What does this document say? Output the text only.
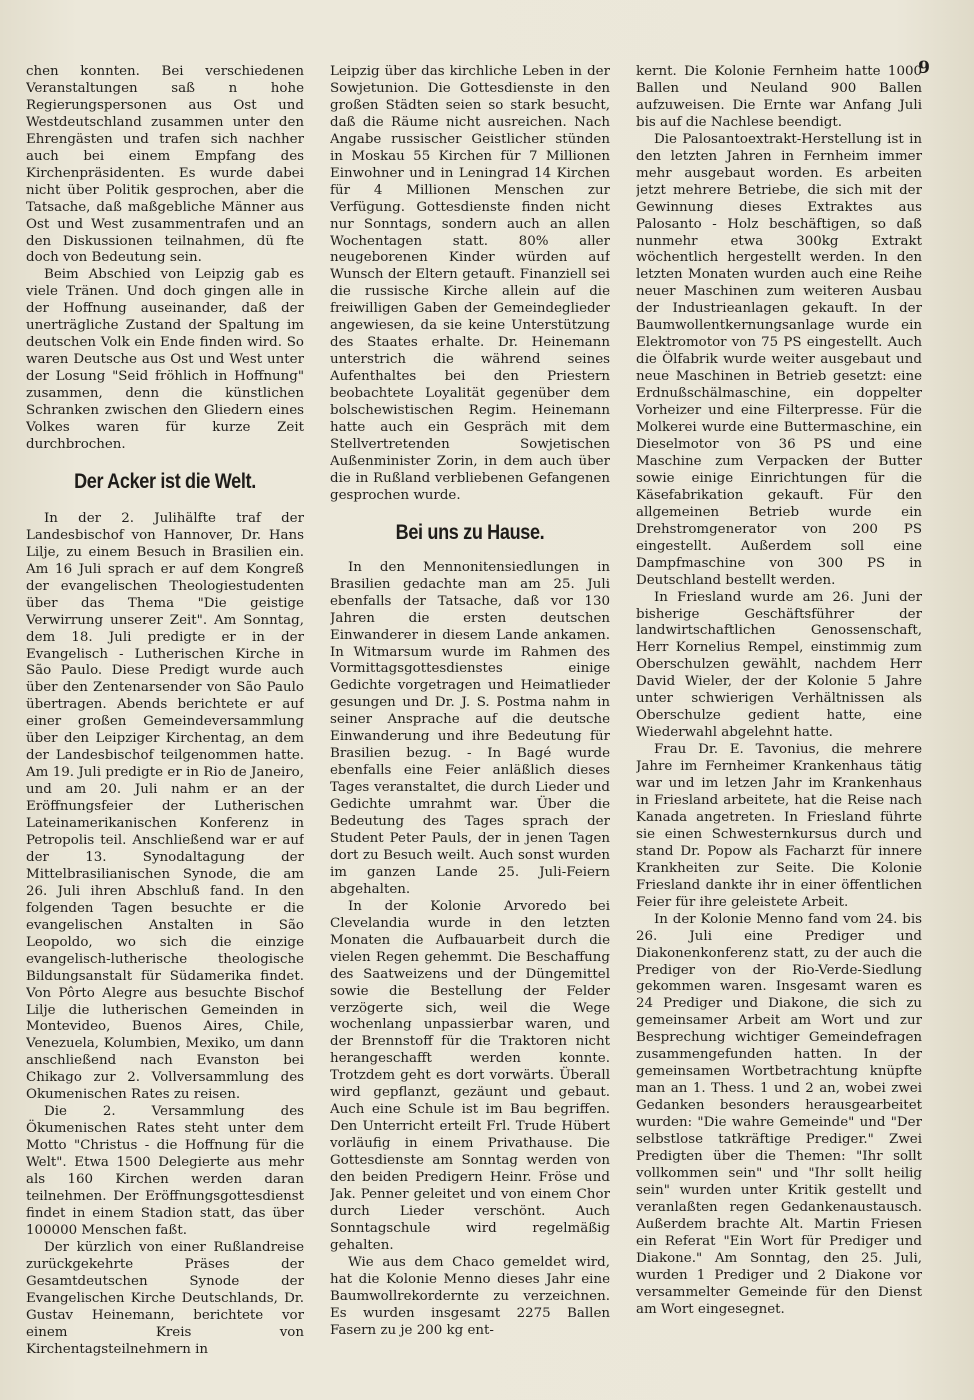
9

chen konnten. Bei verschiedenen Veranstaltungen saß n hohe Regierungspersonen aus Ost und Westdeutschland zusammen unter den Ehrengästen und trafen sich nachher auch bei einem Empfang des Kirchenpräsidenten. Es wurde dabei nicht über Politik gesprochen, aber die Tatsache, daß maßgebliche Männer aus Ost und West zusammentrafen und an den Diskussionen teilnahmen, dü fte doch von Bedeutung sein.

Beim Abschied von Leipzig gab es viele Tränen. Und doch gingen alle in der Hoffnung auseinander, daß der unerträgliche Zustand der Spaltung im deutschen Volk ein Ende finden wird. So waren Deutsche aus Ost und West unter der Losung "Seid fröhlich in Hoffnung" zusammen, denn die künstlichen Schranken zwischen den Gliedern eines Volkes waren für kurze Zeit durchbrochen.

Der Acker ist die Welt.

In der 2. Julihälfte traf der Landesbischof von Hannover, Dr. Hans Lilje, zu einem Besuch in Brasilien ein. Am 16 Juli sprach er auf dem Kongreß der evangelischen Theologiestudenten über das Thema "Die geistige Verwirrung unserer Zeit". Am Sonntag, dem 18. Juli predigte er in der Evangelisch - Lutherischen Kirche in São Paulo. Diese Predigt wurde auch über den Zentenarsender von São Paulo übertragen. Abends berichtete er auf einer großen Gemeindeversammlung über den Leipziger Kirchentag, an dem der Landesbischof teilgenommen hatte. Am 19. Juli predigte er in Rio de Janeiro, und am 20. Juli nahm er an der Eröffnungsfeier der Lutherischen Lateinamerikanischen Konferenz in Petropolis teil. Anschließend war er auf der 13. Synodaltagung der Mittelbrasilianischen Synode, die am 26. Juli ihren Abschluß fand. In den folgenden Tagen besuchte er die evangelischen Anstalten in São Leopoldo, wo sich die einzige evangelisch-lutherische theologische Bildungsanstalt für Südamerika findet. Von Pôrto Alegre aus besuchte Bischof Lilje die lutherischen Gemeinden in Montevideo, Buenos Aires, Chile, Venezuela, Kolumbien, Mexiko, um dann anschließend nach Evanston bei Chikago zur 2. Vollversammlung des Okumenischen Rates zu reisen.

Die 2. Versammlung des Ökumenischen Rates steht unter dem Motto "Christus - die Hoffnung für die Welt". Etwa 1500 Delegierte aus mehr als 160 Kirchen werden daran teilnehmen. Der Eröffnungsgottesdienst findet in einem Stadion statt, das über 100000 Menschen faßt.

Der kürzlich von einer Rußlandreise zurückgekehrte Präses der Gesamtdeutschen Synode der Evangelischen Kirche Deutschlands, Dr. Gustav Heinemann, berichtete vor einem Kreis von Kirchentagsteilnehmern in

Leipzig über das kirchliche Leben in der Sowjetunion. Die Gottesdienste in den großen Städten seien so stark besucht, daß die Räume nicht ausreichen. Nach Angabe russischer Geistlicher stünden in Moskau 55 Kirchen für 7 Millionen Einwohner und in Leningrad 14 Kirchen für 4 Millionen Menschen zur Verfügung. Gottesdienste finden nicht nur Sonntags, sondern auch an allen Wochentagen statt. 80% aller neugeborenen Kinder würden auf Wunsch der Eltern getauft. Finanziell sei die russische Kirche allein auf die freiwilligen Gaben der Gemeindeglieder angewiesen, da sie keine Unterstützung des Staates erhalte. Dr. Heinemann unterstrich die während seines Aufenthaltes bei den Priestern beobachtete Loyalität gegenüber dem bolschewistischen Regim. Heinemann hatte auch ein Gespräch mit dem Stellvertretenden Sowjetischen Außenminister Zorin, in dem auch über die in Rußland verbliebenen Gefangenen gesprochen wurde.

Bei uns zu Hause.

In den Mennonitensiedlungen in Brasilien gedachte man am 25. Juli ebenfalls der Tatsache, daß vor 130 Jahren die ersten deutschen Einwanderer in diesem Lande ankamen. In Witmarsum wurde im Rahmen des Vormittagsgottesdienstes einige Gedichte vorgetragen und Heimatlieder gesungen und Dr. J. S. Postma nahm in seiner Ansprache auf die deutsche Einwanderung und ihre Bedeutung für Brasilien bezug. - In Bagé wurde ebenfalls eine Feier anläßlich dieses Tages veranstaltet, die durch Lieder und Gedichte umrahmt war. Über die Bedeutung des Tages sprach der Student Peter Pauls, der in jenen Tagen dort zu Besuch weilt. Auch sonst wurden im ganzen Lande 25. Juli-Feiern abgehalten.

In der Kolonie Arvoredo bei Clevelandia wurde in den letzten Monaten die Aufbauarbeit durch die vielen Regen gehemmt. Die Beschaffung des Saatweizens und der Düngemittel sowie die Bestellung der Felder verzögerte sich, weil die Wege wochenlang unpassierbar waren, und der Brennstoff für die Traktoren nicht herangeschafft werden konnte. Trotzdem geht es dort vorwärts. Überall wird gepflanzt, gezäunt und gebaut. Auch eine Schule ist im Bau begriffen. Den Unterricht erteilt Frl. Trude Hübert vorläufig in einem Privathause. Die Gottesdienste am Sonntag werden von den beiden Predigern Heinr. Fröse und Jak. Penner geleitet und von einem Chor durch Lieder verschönt. Auch Sonntagschule wird regelmäßig gehalten.

Wie aus dem Chaco gemeldet wird, hat die Kolonie Menno dieses Jahr eine Baumwollrekordernte zu verzeichnen. Es wurden insgesamt 2275 Ballen Fasern zu je 200 kg ent-

kernt. Die Kolonie Fernheim hatte 1000 Ballen und Neuland 900 Ballen aufzuweisen. Die Ernte war Anfang Juli bis auf die Nachlese beendigt.

Die Palosantoextrakt-Herstellung ist in den letzten Jahren in Fernheim immer mehr ausgebaut worden. Es arbeiten jetzt mehrere Betriebe, die sich mit der Gewinnung dieses Extraktes aus Palosanto - Holz beschäftigen, so daß nunmehr etwa 300kg Extrakt wöchentlich hergestellt werden. In den letzten Monaten wurden auch eine Reihe neuer Maschinen zum weiteren Ausbau der Industrieanlagen gekauft. In der Baumwollentkernungsanlage wurde ein Elektromotor von 75 PS eingestellt. Auch die Ölfabrik wurde weiter ausgebaut und neue Maschinen in Betrieb gesetzt: eine Erdnußschälmaschine, ein doppelter Vorheizer und eine Filterpresse. Für die Molkerei wurde eine Buttermaschine, ein Dieselmotor von 36 PS und eine Maschine zum Verpacken der Butter sowie einige Einrichtungen für die Käsefabrikation gekauft. Für den allgemeinen Betrieb wurde ein Drehstromgenerator von 200 PS eingestellt. Außerdem soll eine Dampfmaschine von 300 PS in Deutschland bestellt werden.

In Friesland wurde am 26. Juni der bisherige Geschäftsführer der landwirtschaftlichen Genossenschaft, Herr Kornelius Rempel, einstimmig zum Oberschulzen gewählt, nachdem Herr David Wieler, der der Kolonie 5 Jahre unter schwierigen Verhältnissen als Oberschulze gedient hatte, eine Wiederwahl abgelehnt hatte.

Frau Dr. E. Tavonius, die mehrere Jahre im Fernheimer Krankenhaus tätig war und im letzen Jahr im Krankenhaus in Friesland arbeitete, hat die Reise nach Kanada angetreten. In Friesland führte sie einen Schwesternkursus durch und stand Dr. Popow als Facharzt für innere Krankheiten zur Seite. Die Kolonie Friesland dankte ihr in einer öffentlichen Feier für ihre geleistete Arbeit.

In der Kolonie Menno fand vom 24. bis 26. Juli eine Prediger und Diakonenkonferenz statt, zu der auch die Prediger von der Rio-Verde-Siedlung gekommen waren. Insgesamt waren es 24 Prediger und Diakone, die sich zu gemeinsamer Arbeit am Wort und zur Besprechung wichtiger Gemeindefragen zusammengefunden hatten. In der gemeinsamen Wortbetrachtung knüpfte man an 1. Thess. 1 und 2 an, wobei zwei Gedanken besonders herausgearbeitet wurden: "Die wahre Gemeinde" und "Der selbstlose tatkräftige Prediger." Zwei Predigten über die Themen: "Ihr sollt vollkommen sein" und "Ihr sollt heilig sein" wurden unter Kritik gestellt und veranlaßten regen Gedankenaustausch. Außerdem brachte Alt. Martin Friesen ein Referat "Ein Wort für Prediger und Diakone." Am Sonntag, den 25. Juli, wurden 1 Prediger und 2 Diakone vor versammelter Gemeinde für den Dienst am Wort eingesegnet.
